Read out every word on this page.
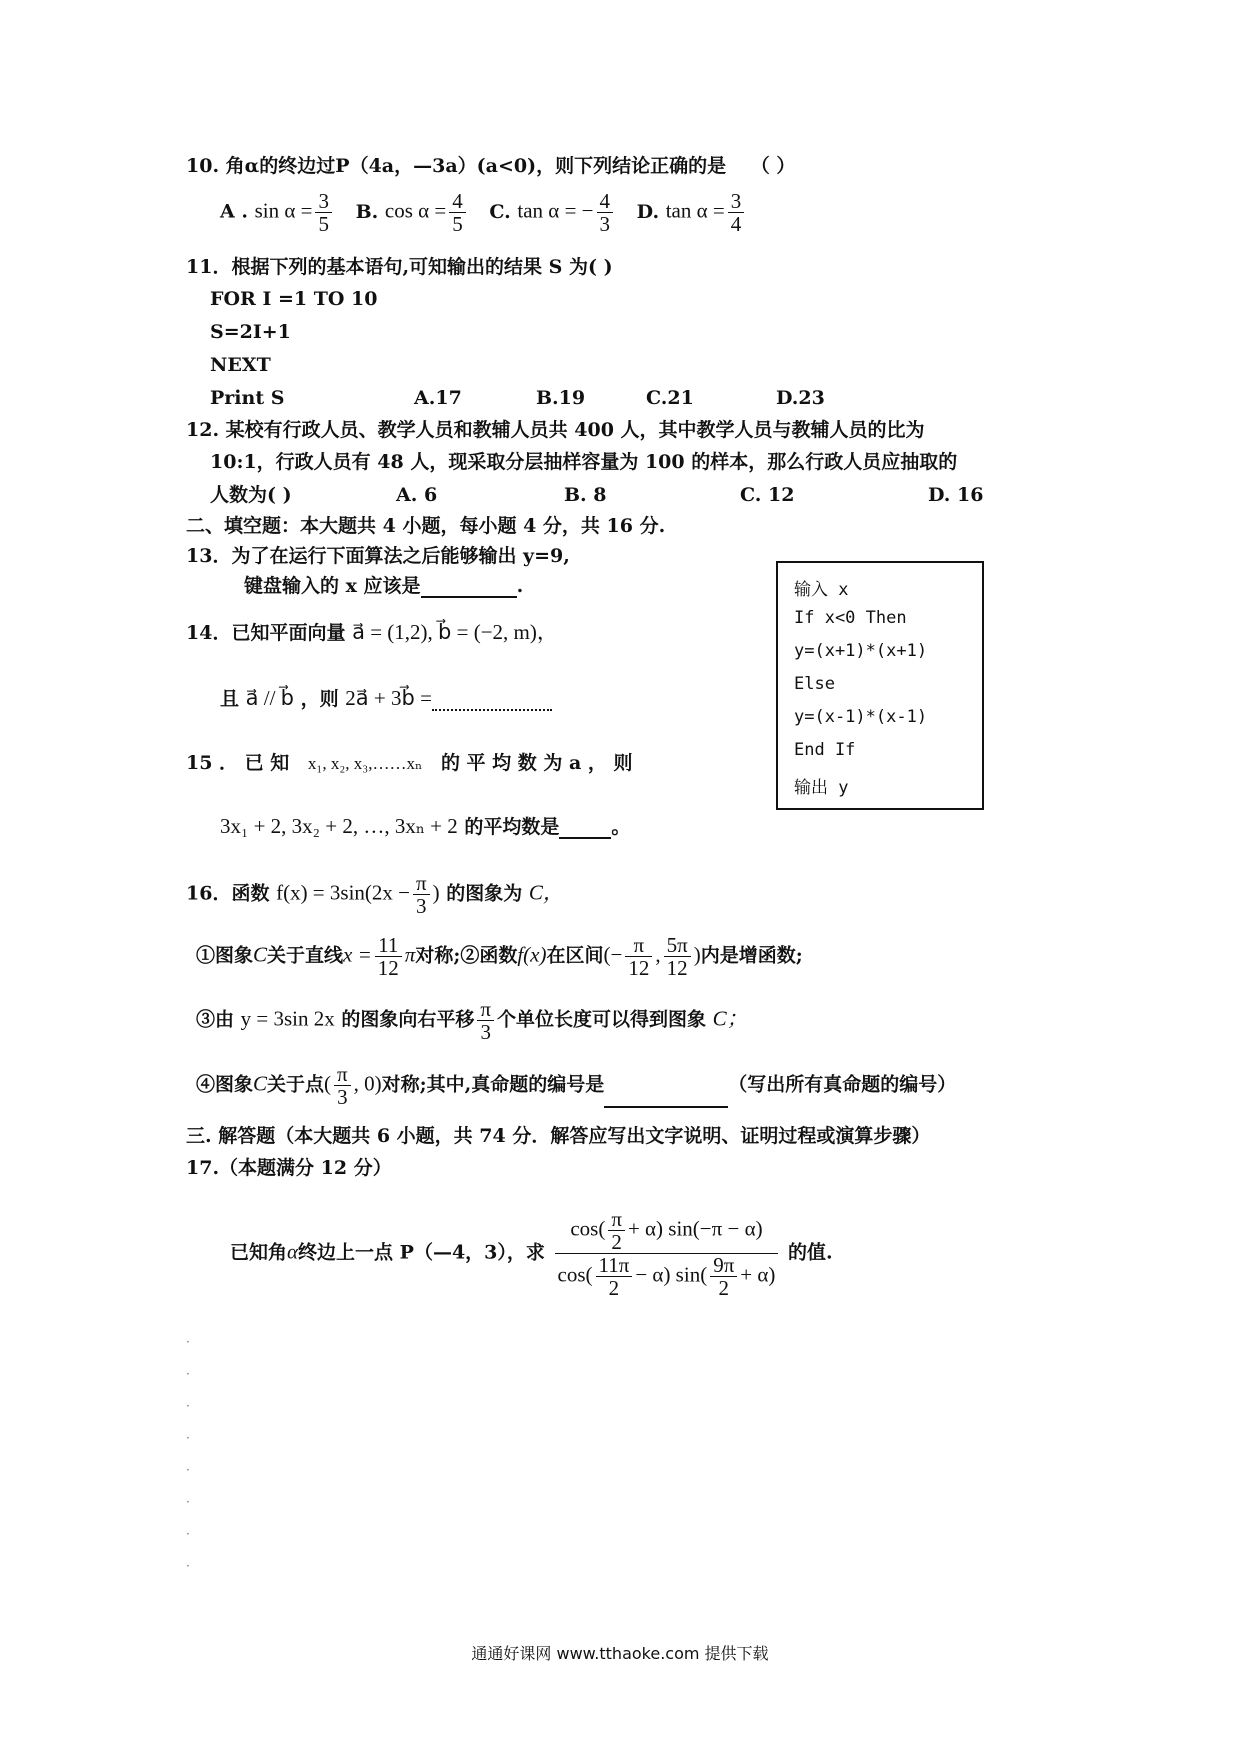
10. 角α的终边过P（4a，—3a）(a<0)，则下列结论正确的是 （ ）
A . $\sin \alpha = \frac{3}{5} B$. $\cos \alpha = \frac{4}{5} C$. tan α = − $\frac{4}{3} D$. $\tan \alpha = \frac{3}{4}$
11．根据下列的基本语句,可知输出的结果 S 为( )
FOR I =1 TO 10
S=2I+1
NEXT
Print S	A.17	B.19	C.21	D.23
12. 某校有行政人员、教学人员和教辅人员共 400 人，其中教学人员与教辅人员的比为
10:1，行政人员有 48 人，现采取分层抽样容量为 100 的样本，那么行政人员应抽取的
人数为( )	A. 6	B. 8	C. 12	D. 16
二、填空题：本大题共 4 小题，每小题 4 分，共 16 分.
13．为了在运行下面算法之后能够输出 y=9,
键盘输入的 x 应该是	.	输入 x
If x<0 Then
y=(x+1)*(x+1)
Else
y=(x-1)*(x-1)
End If
输出 y
14．已知平面向量 a⃗ = (1,2), b⃗ = (−2, m)，
且 a⃗ // b⃗ ，则 2a⃗ + 3b⃗ =
15 ． 已 知 x₁, x₂, x₃,……xₙ 的 平 均 数 为 a ， 则
3x₁ + 2, 3x₂ + 2, …, 3xₙ + 2 的平均数是	。
16．函数 $f(x) = 3\sin(2x - \frac{\pi}{3}$ ) 的图象为 C，
①图象C关于直线$x = \frac{11}{12}$ π对称;②函数f(x)在区间(− $\frac{\pi}{12}$ , $\frac{5\pi}{12}$ )内是增函数;
③由 y = 3sin 2x 的图象向右平移 $\frac{\pi}{3}$ 个单位长度可以得到图象 C；
④图象C关于点( $\frac{\pi}{3}$ , 0)对称;其中,真命题的编号是	（写出所有真命题的编号）
三. 解答题（本大题共 6 小题，共 74 分．解答应写出文字说明、证明过程或演算步骤）
17.（本题满分 12 分）
已知角α终边上一点 P（—4，3），求 $\frac{\cos( \frac{\pi}{2} + \alpha) \sin(-\pi - \alpha)}{\cos( \frac{11\pi}{2} - \alpha) \sin( \frac{9\pi}{2} + \alpha)}$ 的值.
·
·
·
·
·
·
·
·
通通好课网 www.tthaoke.com 提供下载
